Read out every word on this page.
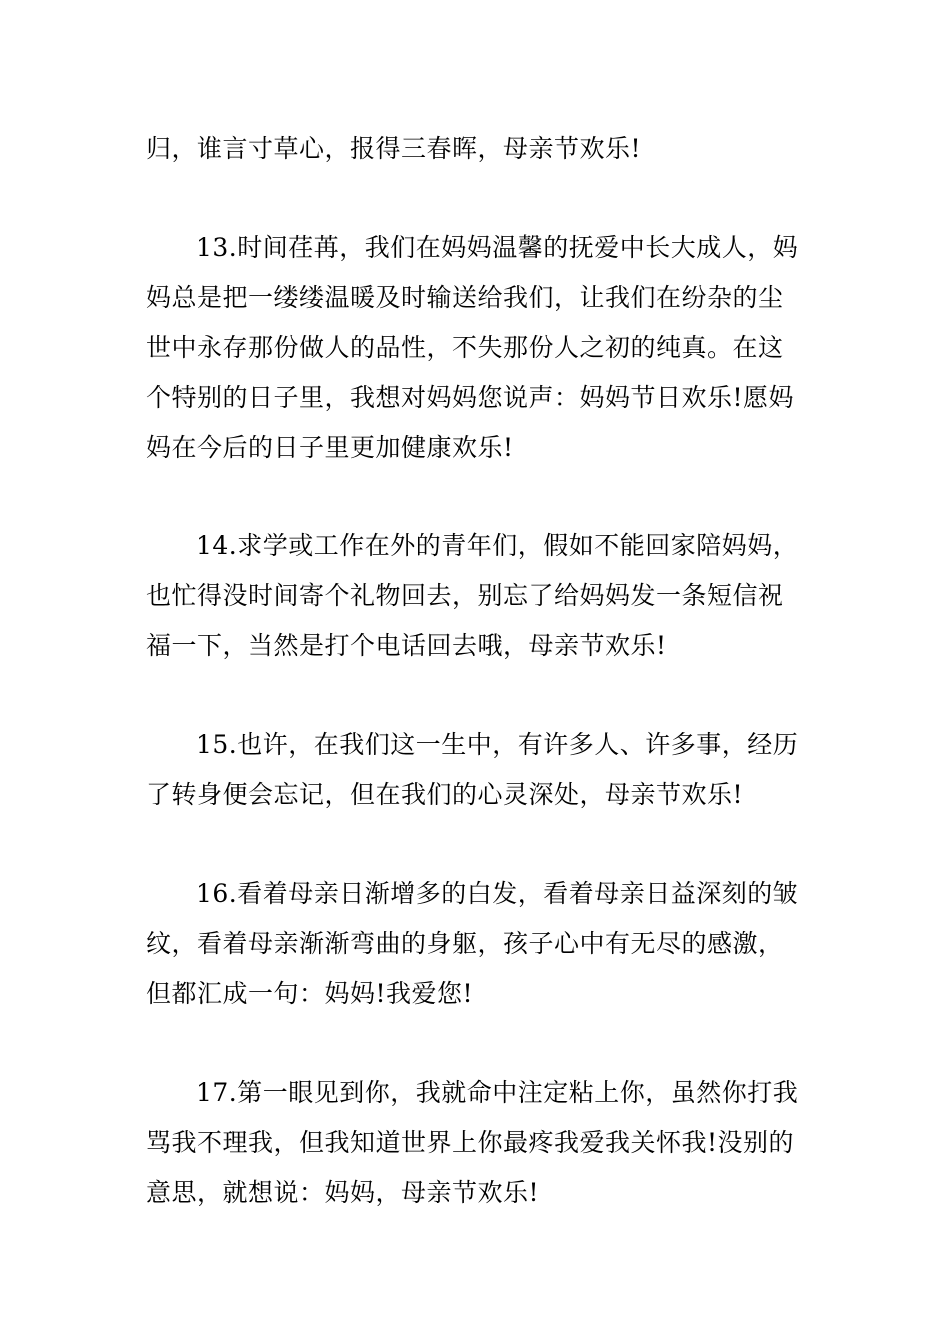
归，谁言寸草心，报得三春晖，母亲节欢乐!
13.时间荏苒，我们在妈妈温馨的抚爱中长大成人，妈
妈总是把一缕缕温暖及时输送给我们，让我们在纷杂的尘
世中永存那份做人的品性，不失那份人之初的纯真。在这
个特别的日子里，我想对妈妈您说声：妈妈节日欢乐!愿妈
妈在今后的日子里更加健康欢乐!
14.求学或工作在外的青年们，假如不能回家陪妈妈，
也忙得没时间寄个礼物回去，别忘了给妈妈发一条短信祝
福一下，当然是打个电话回去哦，母亲节欢乐!
15.也许，在我们这一生中，有许多人、许多事，经历
了转身便会忘记，但在我们的心灵深处，母亲节欢乐!
16.看着母亲日渐增多的白发，看着母亲日益深刻的皱
纹，看着母亲渐渐弯曲的身躯，孩子心中有无尽的感激，
但都汇成一句：妈妈!我爱您!
17.第一眼见到你，我就命中注定粘上你，虽然你打我
骂我不理我，但我知道世界上你最疼我爱我关怀我!没别的
意思，就想说：妈妈，母亲节欢乐!
